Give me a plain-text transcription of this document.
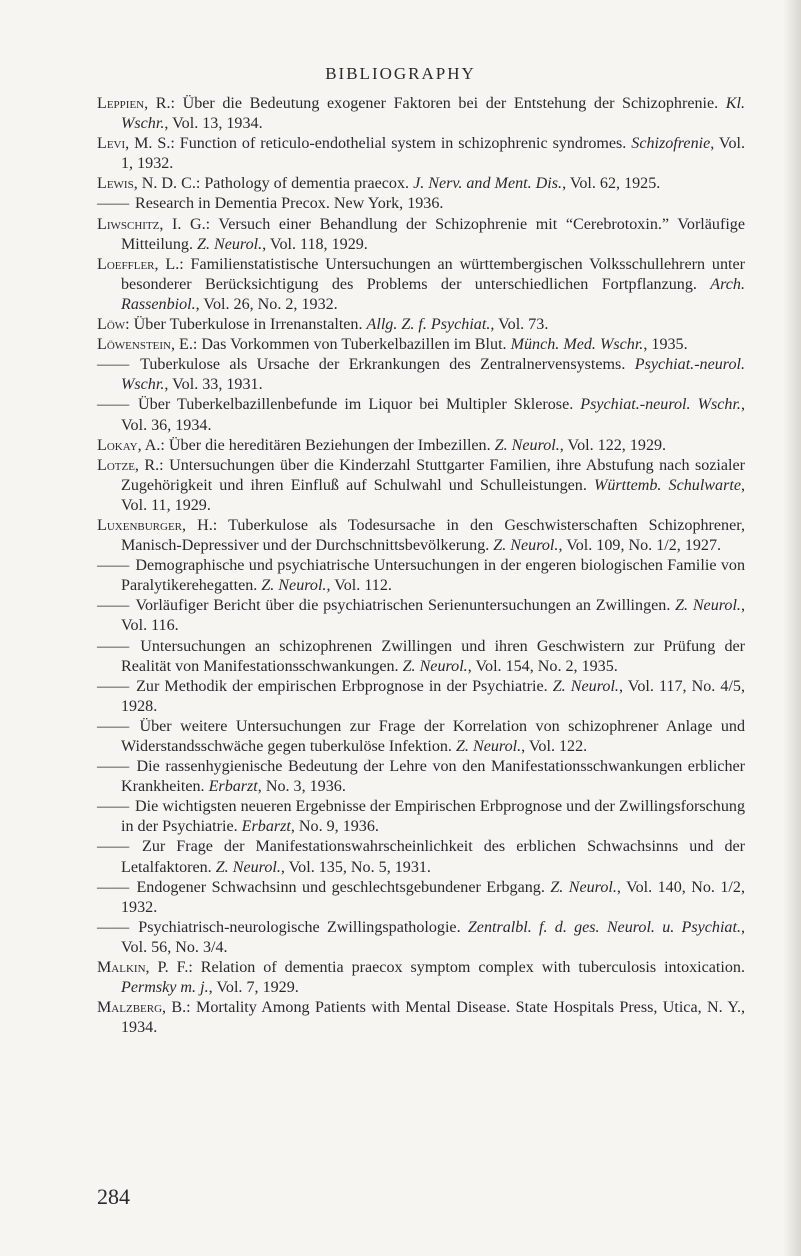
BIBLIOGRAPHY

Leppien, R.: Über die Bedeutung exogener Faktoren bei der Entstehung der Schizophrenie. Kl. Wschr., Vol. 13, 1934.

Levi, M. S.: Function of reticulo-endothelial system in schizophrenic syndromes. Schizofrenie, Vol. 1, 1932.

Lewis, N. D. C.: Pathology of dementia praecox. J. Nerv. and Ment. Dis., Vol. 62, 1925.

—— Research in Dementia Precox. New York, 1936.

Liwschitz, I. G.: Versuch einer Behandlung der Schizophrenie mit “Cerebrotoxin.” Vorläufige Mitteilung. Z. Neurol., Vol. 118, 1929.

Loeffler, L.: Familienstatistische Untersuchungen an württembergischen Volksschullehrern unter besonderer Berücksichtigung des Problems der unterschiedlichen Fortpflanzung. Arch. Rassenbiol., Vol. 26, No. 2, 1932.

Löw: Über Tuberkulose in Irrenanstalten. Allg. Z. f. Psychiat., Vol. 73.

Löwenstein, E.: Das Vorkommen von Tuberkelbazillen im Blut. Münch. Med. Wschr., 1935.

—— Tuberkulose als Ursache der Erkrankungen des Zentralnervensystems. Psychiat.-neurol. Wschr., Vol. 33, 1931.

—— Über Tuberkelbazillenbefunde im Liquor bei Multipler Sklerose. Psychiat.-neurol. Wschr., Vol. 36, 1934.

Lokay, A.: Über die hereditären Beziehungen der Imbezillen. Z. Neurol., Vol. 122, 1929.

Lotze, R.: Untersuchungen über die Kinderzahl Stuttgarter Familien, ihre Abstufung nach sozialer Zugehörigkeit und ihren Einfluß auf Schulwahl und Schulleistungen. Württemb. Schulwarte, Vol. 11, 1929.

Luxenburger, H.: Tuberkulose als Todesursache in den Geschwisterschaften Schizophrener, Manisch-Depressiver und der Durchschnittsbevölkerung. Z. Neurol., Vol. 109, No. 1/2, 1927.

—— Demographische und psychiatrische Untersuchungen in der engeren biologischen Familie von Paralytikerehegatten. Z. Neurol., Vol. 112.

—— Vorläufiger Bericht über die psychiatrischen Serienuntersuchungen an Zwillingen. Z. Neurol., Vol. 116.

—— Untersuchungen an schizophrenen Zwillingen und ihren Geschwistern zur Prüfung der Realität von Manifestationsschwankungen. Z. Neurol., Vol. 154, No. 2, 1935.

—— Zur Methodik der empirischen Erbprognose in der Psychiatrie. Z. Neurol., Vol. 117, No. 4/5, 1928.

—— Über weitere Untersuchungen zur Frage der Korrelation von schizophrener Anlage und Widerstandsschwäche gegen tuberkulöse Infektion. Z. Neurol., Vol. 122.

—— Die rassenhygienische Bedeutung der Lehre von den Manifestationsschwankungen erblicher Krankheiten. Erbarzt, No. 3, 1936.

—— Die wichtigsten neueren Ergebnisse der Empirischen Erbprognose und der Zwillingsforschung in der Psychiatrie. Erbarzt, No. 9, 1936.

—— Zur Frage der Manifestationswahrscheinlichkeit des erblichen Schwachsinns und der Letalfaktoren. Z. Neurol., Vol. 135, No. 5, 1931.

—— Endogener Schwachsinn und geschlechtsgebundener Erbgang. Z. Neurol., Vol. 140, No. 1/2, 1932.

—— Psychiatrisch-neurologische Zwillingspathologie. Zentralbl. f. d. ges. Neurol. u. Psychiat., Vol. 56, No. 3/4.

Malkin, P. F.: Relation of dementia praecox symptom complex with tuberculosis intoxication. Permsky m. j., Vol. 7, 1929.

Malzberg, B.: Mortality Among Patients with Mental Disease. State Hospitals Press, Utica, N. Y., 1934.

284
